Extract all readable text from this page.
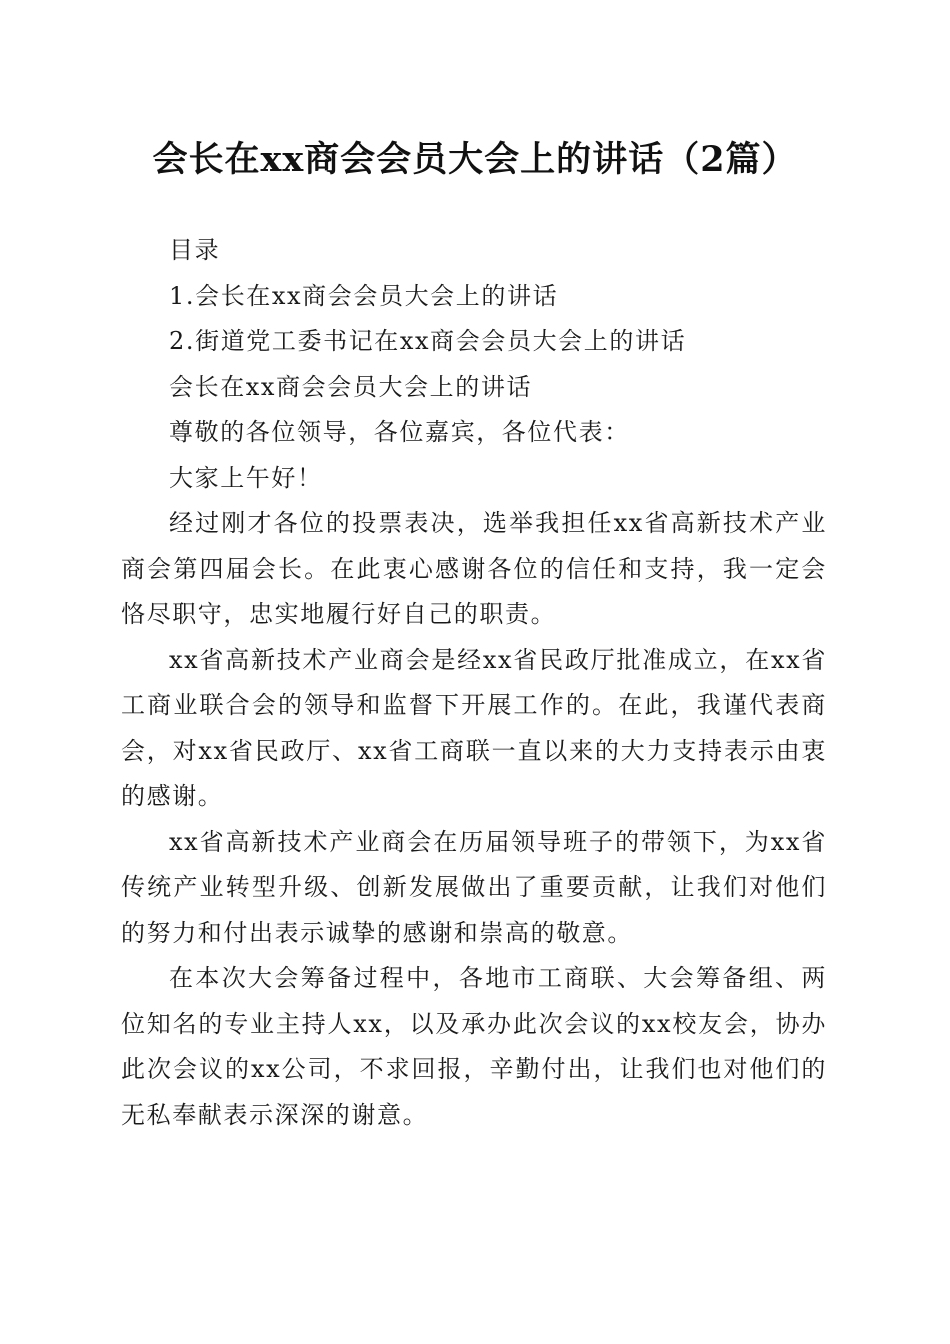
会长在xx商会会员大会上的讲话（2篇）

目录

1.会长在xx商会会员大会上的讲话

2.街道党工委书记在xx商会会员大会上的讲话

会长在xx商会会员大会上的讲话

尊敬的各位领导，各位嘉宾，各位代表：

大家上午好！

经过刚才各位的投票表决，选举我担任xx省高新技术产业商会第四届会长。在此衷心感谢各位的信任和支持，我一定会恪尽职守，忠实地履行好自己的职责。

xx省高新技术产业商会是经xx省民政厅批准成立，在xx省工商业联合会的领导和监督下开展工作的。在此，我谨代表商会，对xx省民政厅、xx省工商联一直以来的大力支持表示由衷的感谢。

xx省高新技术产业商会在历届领导班子的带领下，为xx省传统产业转型升级、创新发展做出了重要贡献，让我们对他们的努力和付出表示诚挚的感谢和崇高的敬意。

在本次大会筹备过程中，各地市工商联、大会筹备组、两位知名的专业主持人xx，以及承办此次会议的xx校友会，协办此次会议的xx公司，不求回报，辛勤付出，让我们也对他们的无私奉献表示深深的谢意。
